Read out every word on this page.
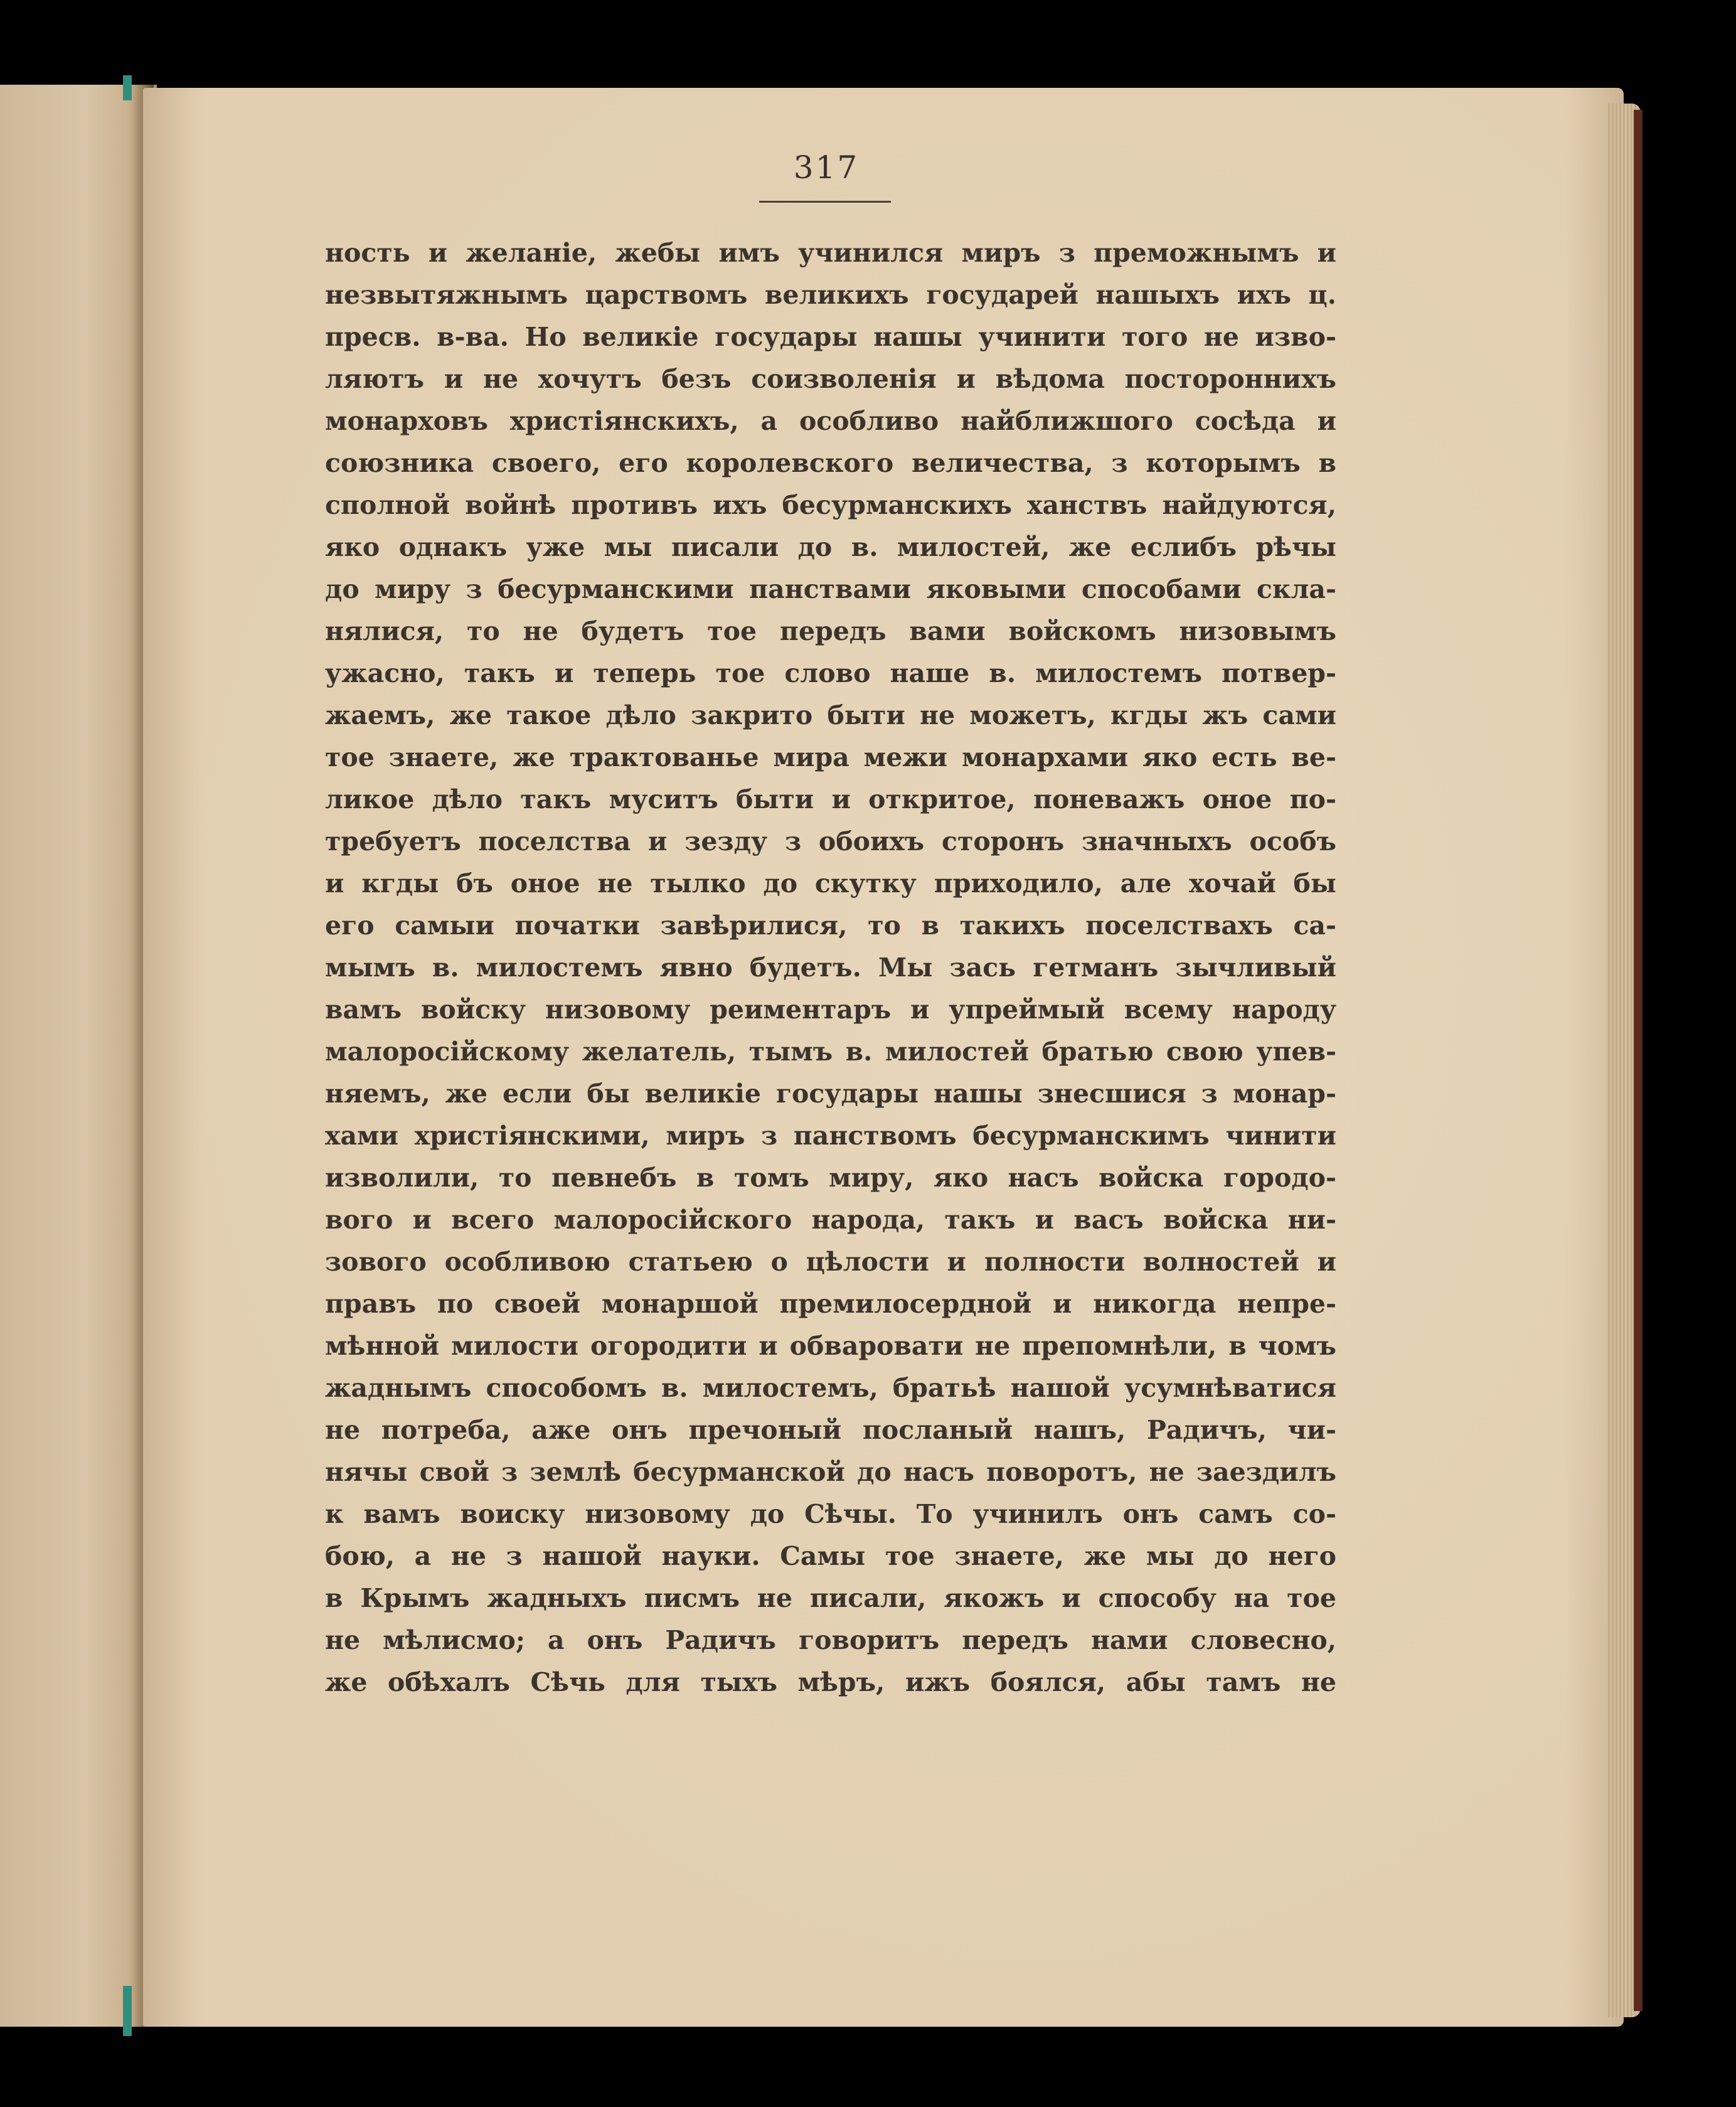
317
ность и желаніе, жебы имъ учинился миръ з преможнымъ и
незвытяжнымъ царствомъ великихъ государей нашыхъ ихъ ц.
пресв. в-ва. Но великіе государы нашы учинити того не изво-
ляютъ и не хочутъ безъ соизволенія и вѣдома постороннихъ
монарховъ христіянскихъ, а особливо найближшого сосѣда и
союзника своего, его королевского величества, з которымъ в
сполной войнѣ противъ ихъ бесурманскихъ ханствъ найдуются,
яко однакъ уже мы писали до в. милостей, же еслибъ рѣчы
до миру з бесурманскими панствами яковыми способами скла-
нялися, то не будетъ тое передъ вами войскомъ низовымъ
ужасно, такъ и теперь тое слово наше в. милостемъ потвер-
жаемъ, же такое дѣло закрито быти не можетъ, кгды жъ сами
тое знаете, же трактованье мира межи монархами яко есть ве-
ликое дѣло такъ муситъ быти и откритое, поневажъ оное по-
требуетъ поселства и зезду з обоихъ сторонъ значныхъ особъ
и кгды бъ оное не тылко до скутку приходило, але хочай бы
его самыи початки завѣрилися, то в такихъ поселствахъ са-
мымъ в. милостемъ явно будетъ. Мы зась гетманъ зычливый
вамъ войску низовому реиментаръ и упреймый всему народу
малоросійскому желатель, тымъ в. милостей братью свою упев-
няемъ, же если бы великіе государы нашы знесшися з монар-
хами христіянскими, миръ з панствомъ бесурманскимъ чинити
изволили, то певнебъ в томъ миру, яко насъ войска городо-
вого и всего малоросійского народа, такъ и васъ войска ни-
зового особливою статьею о цѣлости и полности волностей и
правъ по своей монаршой премилосердной и никогда непре-
мѣнной милости огородити и обваровати не препомнѣли, в чомъ
жаднымъ способомъ в. милостемъ, братьѣ нашой усумнѣватися
не потреба, аже онъ пречоный посланый нашъ, Радичъ, чи-
нячы свой з землѣ бесурманской до насъ поворотъ, не заездилъ
к вамъ воиску низовому до Сѣчы. То учинилъ онъ самъ со-
бою, а не з нашой науки. Самы тое знаете, же мы до него
в Крымъ жадныхъ писмъ не писали, якожъ и способу на тое
не мѣлисмо; а онъ Радичъ говоритъ передъ нами словесно,
же обѣхалъ Сѣчь для тыхъ мѣръ, ижъ боялся, абы тамъ не
